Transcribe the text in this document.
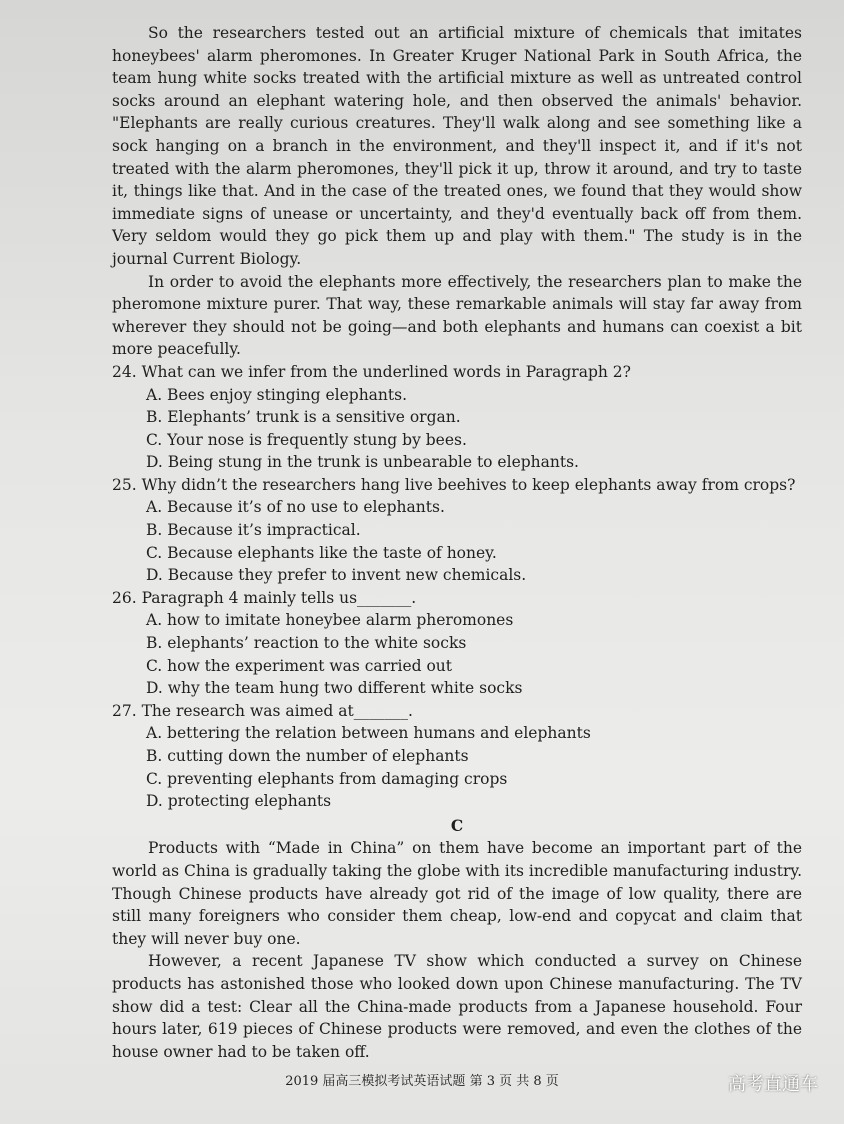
So the researchers tested out an artificial mixture of chemicals that imitates honeybees' alarm pheromones. In Greater Kruger National Park in South Africa, the team hung white socks treated with the artificial mixture as well as untreated control socks around an elephant watering hole, and then observed the animals' behavior. "Elephants are really curious creatures. They'll walk along and see something like a sock hanging on a branch in the environment, and they'll inspect it, and if it's not treated with the alarm pheromones, they'll pick it up, throw it around, and try to taste it, things like that. And in the case of the treated ones, we found that they would show immediate signs of unease or uncertainty, and they'd eventually back off from them. Very seldom would they go pick them up and play with them." The study is in the journal Current Biology.

In order to avoid the elephants more effectively, the researchers plan to make the pheromone mixture purer. That way, these remarkable animals will stay far away from wherever they should not be going—and both elephants and humans can coexist a bit more peacefully.

24. What can we infer from the underlined words in Paragraph 2?

A. Bees enjoy stinging elephants.

B. Elephants’ trunk is a sensitive organ.

C. Your nose is frequently stung by bees.

D. Being stung in the trunk is unbearable to elephants.

25. Why didn’t the researchers hang live beehives to keep elephants away from crops?

A. Because it’s of no use to elephants.

B. Because it’s impractical.

C. Because elephants like the taste of honey.

D. Because they prefer to invent new chemicals.

26. Paragraph 4 mainly tells us_______.

A. how to imitate honeybee alarm pheromones

B. elephants’ reaction to the white socks

C. how the experiment was carried out

D. why the team hung two different white socks

27. The research was aimed at_______.

A. bettering the relation between humans and elephants

B. cutting down the number of elephants

C. preventing elephants from damaging crops

D. protecting elephants

C

Products with “Made in China” on them have become an important part of the world as China is gradually taking the globe with its incredible manufacturing industry. Though Chinese products have already got rid of the image of low quality, there are still many foreigners who consider them cheap, low-end and copycat and claim that they will never buy one.

However, a recent Japanese TV show which conducted a survey on Chinese products has astonished those who looked down upon Chinese manufacturing. The TV show did a test: Clear all the China-made products from a Japanese household. Four hours later, 619 pieces of Chinese products were removed, and even the clothes of the house owner had to be taken off.

2019 届高三模拟考试英语试题 第 3 页 共 8 页	高考直通车
